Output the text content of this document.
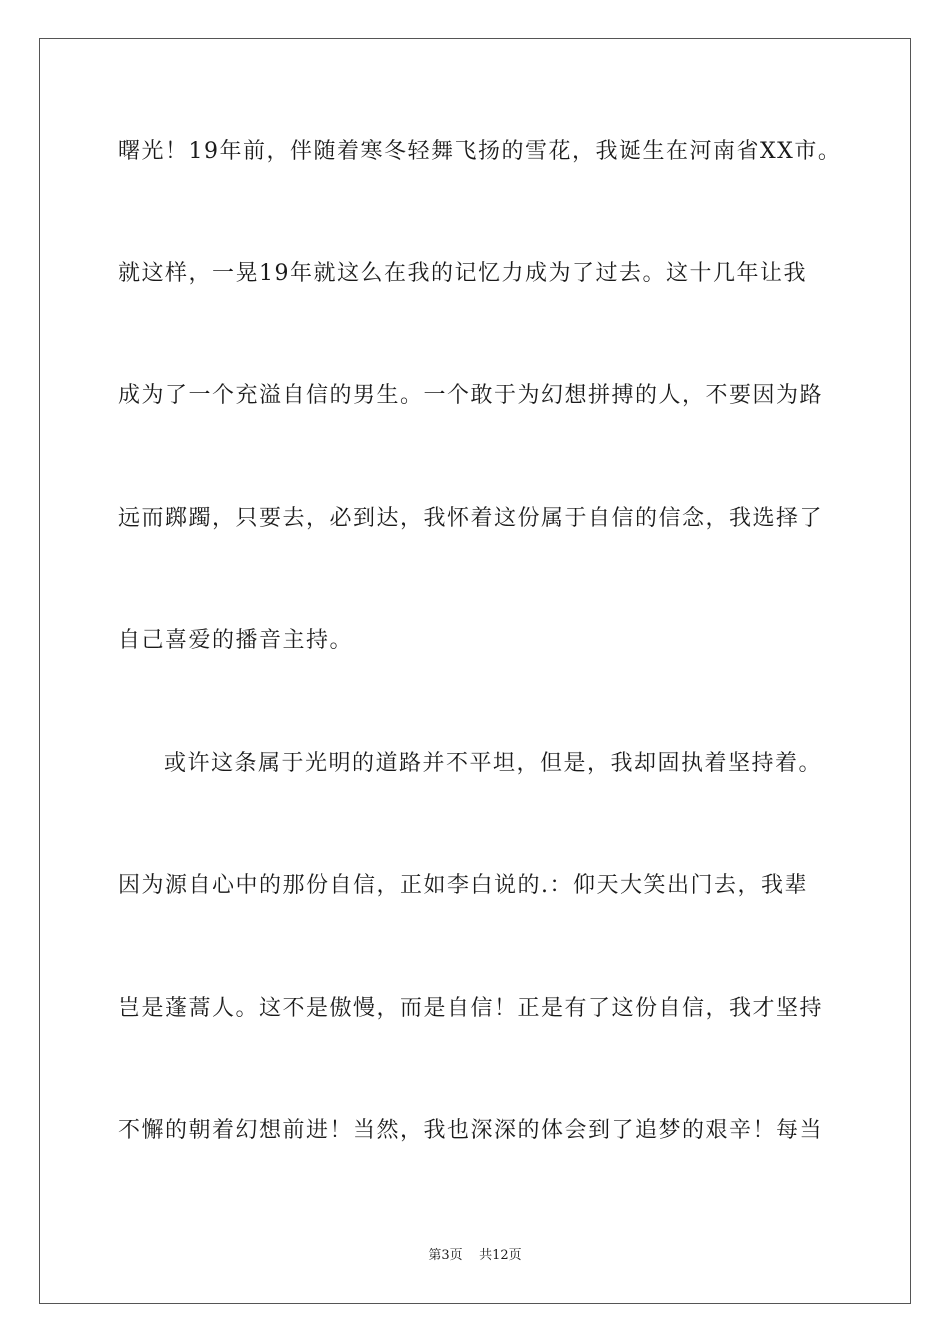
曙光！19年前，伴随着寒冬轻舞飞扬的雪花，我诞生在河南省XX市。
就这样，一晃19年就这么在我的记忆力成为了过去。这十几年让我
成为了一个充溢自信的男生。一个敢于为幻想拼搏的人，不要因为路
远而踯躅，只要去，必到达，我怀着这份属于自信的信念，我选择了
自己喜爱的播音主持。
或许这条属于光明的道路并不平坦，但是，我却固执着坚持着。
因为源自心中的那份自信，正如李白说的.：仰天大笑出门去，我辈
岂是蓬蒿人。这不是傲慢，而是自信！正是有了这份自信，我才坚持
不懈的朝着幻想前进！当然，我也深深的体会到了追梦的艰辛！每当
第3页 共12页
